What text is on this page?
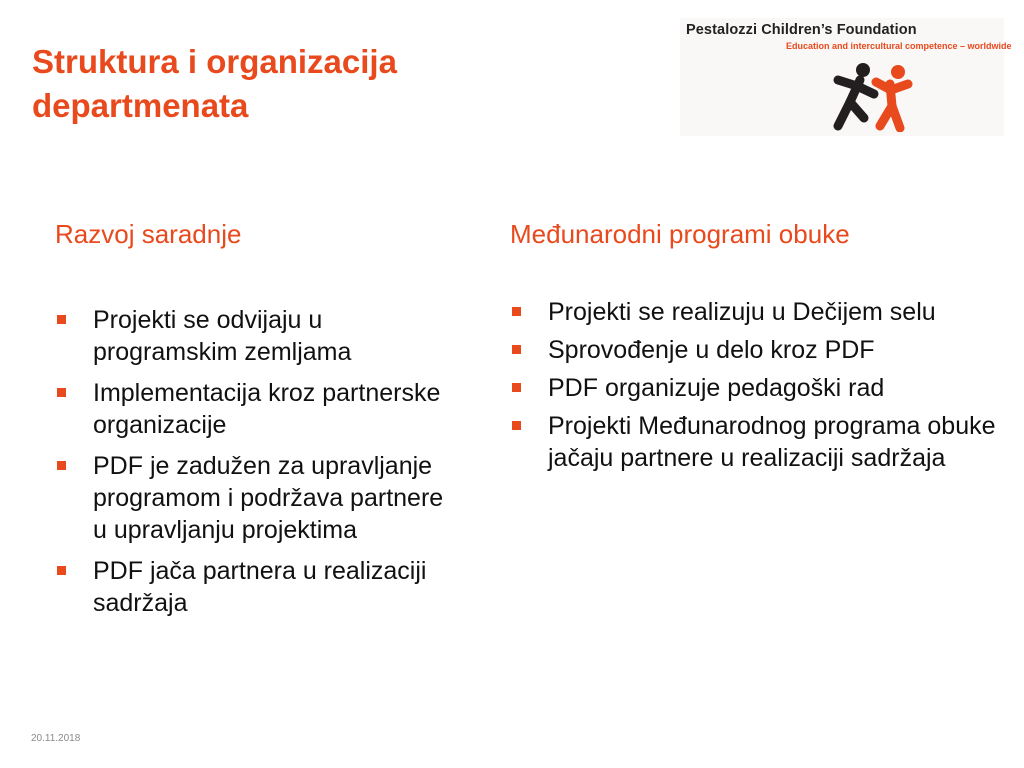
Struktura i organizacija departmenata
Pestalozzi Children’s Foundation
Education and intercultural competence – worldwide

Razvoj saradnje

Projekti se odvijaju u programskim zemljama
Implementacija kroz partnerske organizacije
PDF je zadužen za upravljanje programom i podržava partnere u upravljanju projektima
PDF jača partnera u realizaciji sadržaja

Međunarodni programi obuke

Projekti se realizuju u Dečijem selu
Sprovođenje u delo kroz PDF
PDF organizuje pedagoški rad
Projekti Međunarodnog programa obuke jačaju partnere u realizaciji sadržaja
20.11.2018
